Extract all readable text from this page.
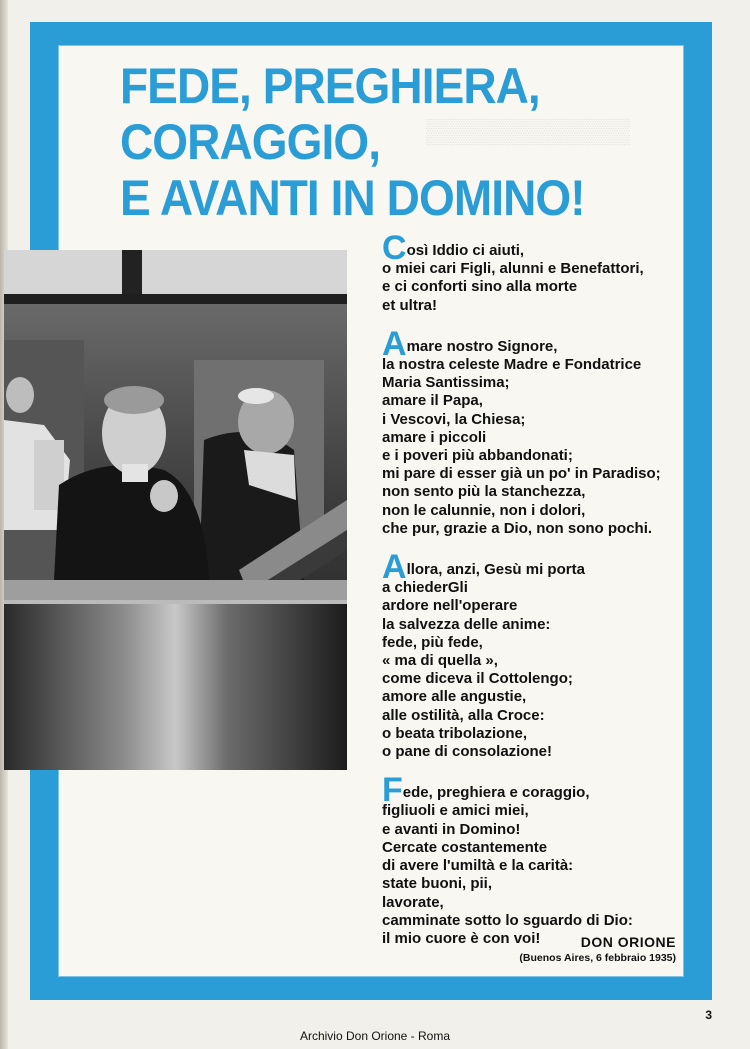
▒▒▒▒▒▒▒▒▒▒▒▒
FEDE, PREGHIERA,
CORAGGIO,
E AVANTI IN DOMINO!
Così Iddio ci aiuti,
o miei cari Figli, alunni e Benefattori,
e ci conforti sino alla morte
et ultra!
Amare nostro Signore,
la nostra celeste Madre e Fondatrice
Maria Santissima;
amare il Papa,
i Vescovi, la Chiesa;
amare i piccoli
e i poveri più abbandonati;
mi pare di esser già un po' in Paradiso;
non sento più la stanchezza,
non le calunnie, non i dolori,
che pur, grazie a Dio, non sono pochi.
Allora, anzi, Gesù mi porta
a chiederGli
ardore nell'operare
la salvezza delle anime:
fede, più fede,
« ma di quella »,
come diceva il Cottolengo;
amore alle angustie,
alle ostilità, alla Croce:
o beata tribolazione,
o pane di consolazione!
Fede, preghiera e coraggio,
figliuoli e amici miei,
e avanti in Domino!
Cercate costantemente
di avere l'umiltà e la carità:
state buoni, pii,
lavorate,
camminate sotto lo sguardo di Dio:
il mio cuore è con voi!	DON ORIONE
(Buenos Aires, 6 febbraio 1935)
3
Archivio Don Orione - Roma
